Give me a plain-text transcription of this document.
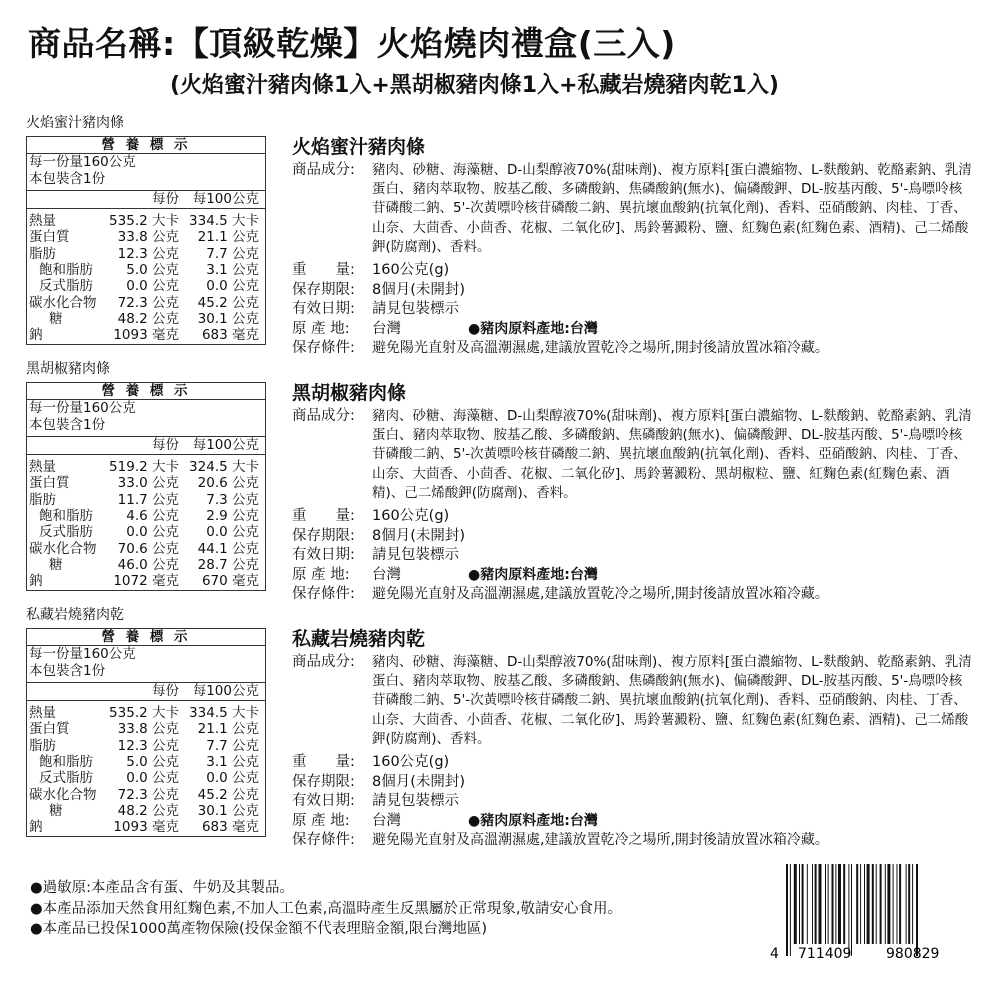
商品名稱:【頂級乾燥】火焰燒肉禮盒(三入)
(火焰蜜汁豬肉條1入+黑胡椒豬肉條1入+私藏岩燒豬肉乾1入)
火焰蜜汁豬肉條
營 養 標 示
每一份量160公克
本包裝含1份
每份	每100公克
熱量	535.2 大卡 334.5 大卡
蛋白質	33.8 公克	21.1 公克
脂肪	12.3 公克	7.7 公克
飽和脂肪	5.0 公克	3.1 公克
反式脂肪	0.0 公克	0.0 公克
碳水化合物	72.3 公克	45.2 公克
糖	48.2 公克	30.1 公克
鈉	1093 毫克	683 毫克
火焰蜜汁豬肉條
商品成分:	豬肉、砂糖、海藻糖、D-山梨醇液70%(甜味劑)、複方原料[蛋白濃縮物、L-麩酸鈉、乾酪素鈉、乳清蛋白、豬肉萃取物、胺基乙酸、多磷酸鈉、焦磷酸鈉(無水)、偏磷酸鉀、DL-胺基丙酸、5'-鳥嘌呤核苷磷酸二鈉、5'-次黃嘌呤核苷磷酸二鈉、異抗壞血酸鈉(抗氧化劑)、香料、亞硝酸鈉、肉桂、丁香、山奈、大茴香、小茴香、花椒、二氧化矽]、馬鈴薯澱粉、鹽、紅麴色素(紅麴色素、酒精)、己二烯酸鉀(防腐劑)、香料。
重　　量:	160公克(g)
保存期限:	8個月(未開封)
有效日期:	請見包裝標示
原 產 地:	台灣	●豬肉原料產地:台灣
保存條件:	避免陽光直射及高溫潮濕處,建議放置乾冷之場所,開封後請放置冰箱冷藏。
黑胡椒豬肉條
營 養 標 示
每一份量160公克
本包裝含1份
每份	每100公克
熱量	519.2 大卡 324.5 大卡
蛋白質	33.0 公克	20.6 公克
脂肪	11.7 公克	7.3 公克
飽和脂肪	4.6 公克	2.9 公克
反式脂肪	0.0 公克	0.0 公克
碳水化合物	70.6 公克	44.1 公克
糖	46.0 公克	28.7 公克
鈉	1072 毫克	670 毫克
黑胡椒豬肉條
商品成分:	豬肉、砂糖、海藻糖、D-山梨醇液70%(甜味劑)、複方原料[蛋白濃縮物、L-麩酸鈉、乾酪素鈉、乳清蛋白、豬肉萃取物、胺基乙酸、多磷酸鈉、焦磷酸鈉(無水)、偏磷酸鉀、DL-胺基丙酸、5'-鳥嘌呤核苷磷酸二鈉、5'-次黃嘌呤核苷磷酸二鈉、異抗壞血酸鈉(抗氧化劑)、香料、亞硝酸鈉、肉桂、丁香、山奈、大茴香、小茴香、花椒、二氧化矽]、馬鈴薯澱粉、黑胡椒粒、鹽、紅麴色素(紅麴色素、酒精)、己二烯酸鉀(防腐劑)、香料。
重　　量:	160公克(g)
保存期限:	8個月(未開封)
有效日期:	請見包裝標示
原 產 地:	台灣	●豬肉原料產地:台灣
保存條件:	避免陽光直射及高溫潮濕處,建議放置乾冷之場所,開封後請放置冰箱冷藏。
私藏岩燒豬肉乾
營 養 標 示
每一份量160公克
本包裝含1份
每份	每100公克
熱量	535.2 大卡 334.5 大卡
蛋白質	33.8 公克	21.1 公克
脂肪	12.3 公克	7.7 公克
飽和脂肪	5.0 公克	3.1 公克
反式脂肪	0.0 公克	0.0 公克
碳水化合物	72.3 公克	45.2 公克
糖	48.2 公克	30.1 公克
鈉	1093 毫克	683 毫克
私藏岩燒豬肉乾
商品成分:	豬肉、砂糖、海藻糖、D-山梨醇液70%(甜味劑)、複方原料[蛋白濃縮物、L-麩酸鈉、乾酪素鈉、乳清蛋白、豬肉萃取物、胺基乙酸、多磷酸鈉、焦磷酸鈉(無水)、偏磷酸鉀、DL-胺基丙酸、5'-鳥嘌呤核苷磷酸二鈉、5'-次黃嘌呤核苷磷酸二鈉、異抗壞血酸鈉(抗氧化劑)、香料、亞硝酸鈉、肉桂、丁香、山奈、大茴香、小茴香、花椒、二氧化矽]、馬鈴薯澱粉、鹽、紅麴色素(紅麴色素、酒精)、己二烯酸鉀(防腐劑)、香料。
重　　量:	160公克(g)
保存期限:	8個月(未開封)
有效日期:	請見包裝標示
原 產 地:	台灣	●豬肉原料產地:台灣
保存條件:	避免陽光直射及高溫潮濕處,建議放置乾冷之場所,開封後請放置冰箱冷藏。
●過敏原:本產品含有蛋、牛奶及其製品。
●本產品添加天然食用紅麴色素,不加人工色素,高溫時產生反黑屬於正常現象,敬請安心食用。
●本產品已投保1000萬產物保險(投保金額不代表理賠金額,限台灣地區)
4 711409 980829
